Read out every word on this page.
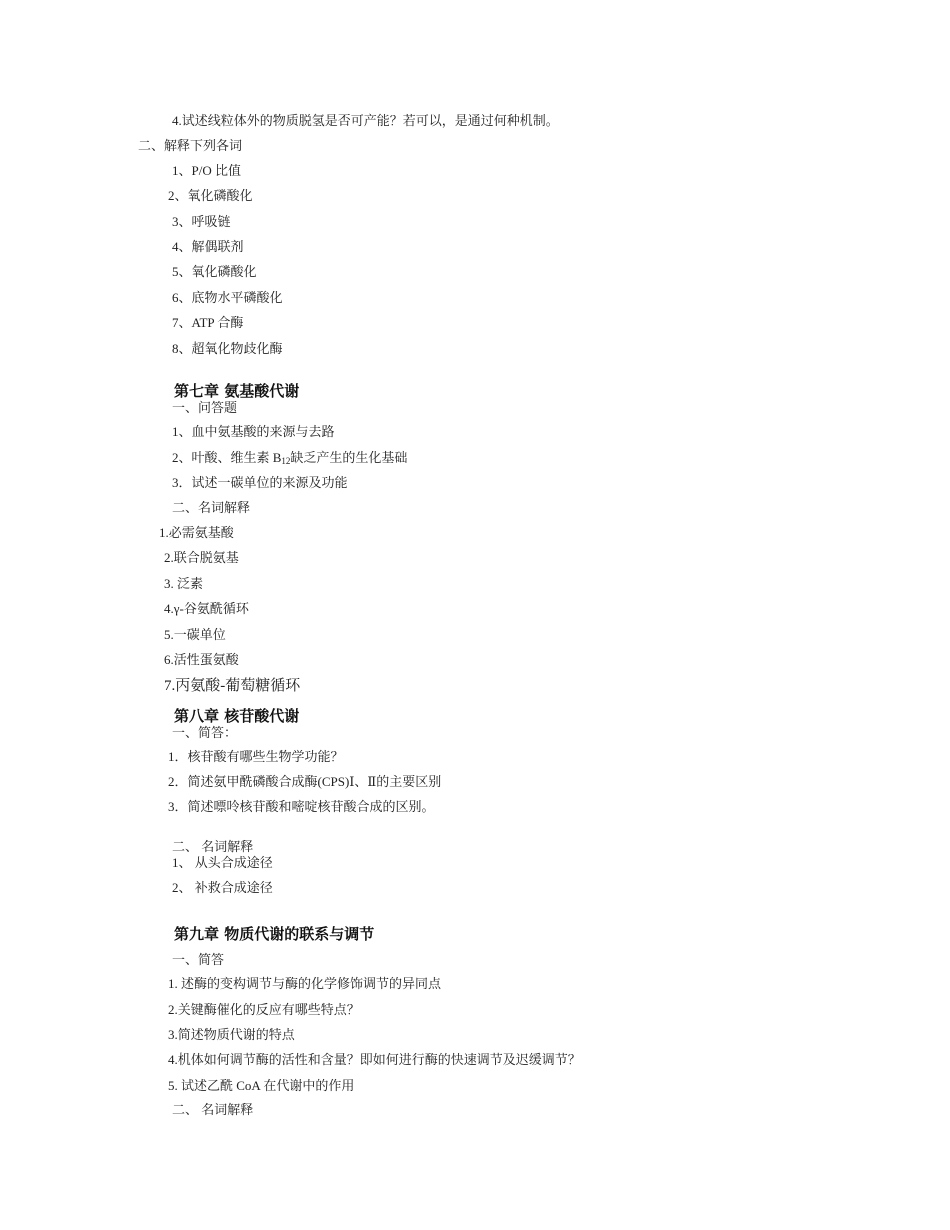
4.试述线粒体外的物质脱氢是否可产能？若可以，是通过何种机制。
二、解释下列各词
1、P/O 比值
2、氧化磷酸化
3、呼吸链
4、解偶联剂
5、氧化磷酸化
6、底物水平磷酸化
7、ATP 合酶
8、超氧化物歧化酶
第七章 氨基酸代谢
一、问答题
1、血中氨基酸的来源与去路
2、叶酸、维生素 $B_{12}$缺乏产生的生化基础
3．试述一碳单位的来源及功能
二、名词解释
1.必需氨基酸
2.联合脱氨基
3. 泛素
4.γ-谷氨酰循环
5.一碳单位
6.活性蛋氨酸
7.丙氨酸-葡萄糖循环
第八章 核苷酸代谢
一、简答：
1．核苷酸有哪些生物学功能？
2．简述氨甲酰磷酸合成酶(CPS)Ⅰ、Ⅱ的主要区别
3．简述嘌呤核苷酸和嘧啶核苷酸合成的区别。
二、 名词解释
1、 从头合成途径
2、 补救合成途径
第九章 物质代谢的联系与调节
一、简答
1. 述酶的变构调节与酶的化学修饰调节的异同点
2.关键酶催化的反应有哪些特点？
3.简述物质代谢的特点
4.机体如何调节酶的活性和含量？即如何进行酶的快速调节及迟缓调节？
5. 试述乙酰 CoA 在代谢中的作用
二、 名词解释
